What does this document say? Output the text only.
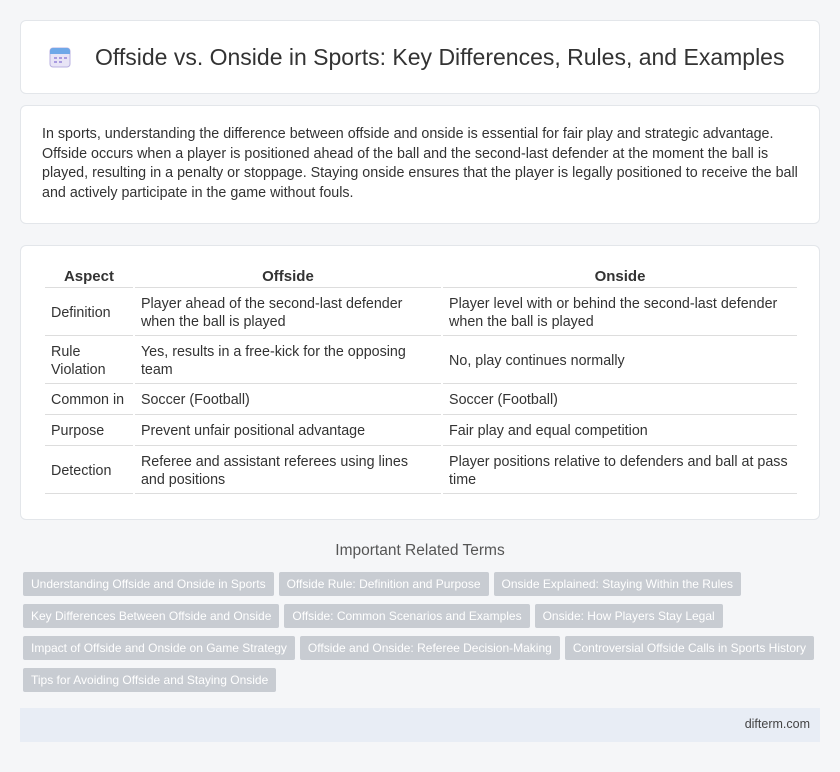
Offside vs. Onside in Sports: Key Differences, Rules, and Examples

In sports, understanding the difference between offside and onside is essential for fair play and strategic advantage. Offside occurs when a player is positioned ahead of the ball and the second-last defender at the moment the ball is played, resulting in a penalty or stoppage. Staying onside ensures that the player is legally positioned to receive the ball and actively participate in the game without fouls.

Aspect	Offside	Onside
Definition	Player ahead of the second-last defender when the ball is played	Player level with or behind the second-last defender when the ball is played
Rule Violation	Yes, results in a free-kick for the opposing team	No, play continues normally
Common in	Soccer (Football)	Soccer (Football)
Purpose	Prevent unfair positional advantage	Fair play and equal competition
Detection	Referee and assistant referees using lines and positions	Player positions relative to defenders and ball at pass time
Important Related Terms
Understanding Offside and Onside in Sports Offside Rule: Definition and Purpose Onside Explained: Staying Within the Rules
Key Differences Between Offside and Onside Offside: Common Scenarios and Examples Onside: How Players Stay Legal
Impact of Offside and Onside on Game Strategy Offside and Onside: Referee Decision-Making Controversial Offside Calls in Sports History
Tips for Avoiding Offside and Staying Onside
difterm.com
